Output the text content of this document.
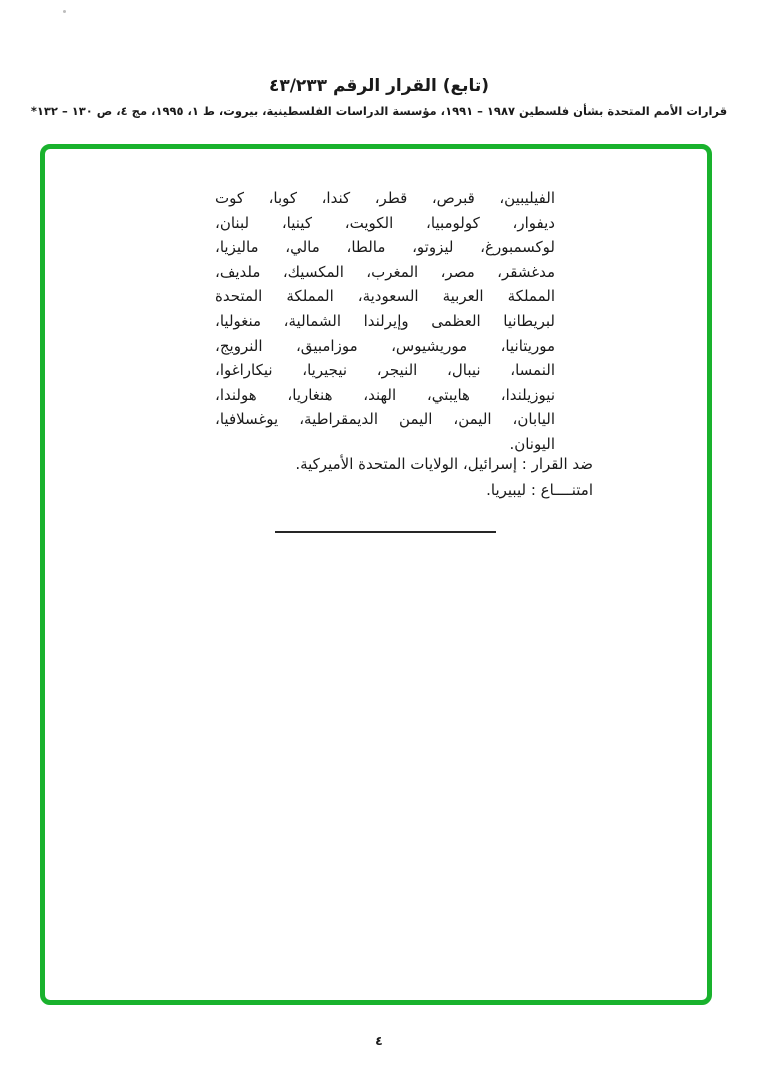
(تابع) القرار الرقم ٤٣/٢٣٣
قرارات الأمم المتحدة بشأن فلسطين ١٩٨٧ – ١٩٩١، مؤسسة الدراسات الفلسطينية، بيروت، ط ١، ١٩٩٥، مج ٤، ص ١٣٠ – ١٣٢*
الفيليبين، قبرص، قطر، كندا، كوبا، كوت
ديفوار، كولومبيا، الكويت، كينيا، لبنان،
لوكسمبورغ، ليزوتو، مالطا، مالي، ماليزيا،
مدغشقر، مصر، المغرب، المكسيك، ملديف،
المملكة العربية السعودية، المملكة المتحدة
لبريطانيا العظمى وإيرلندا الشمالية، منغوليا،
موريتانيا، موريشيوس، موزامبيق، النرويج،
النمسا، نيبال، النيجر، نيجيريا، نيكاراغوا،
نيوزيلندا، هايبتي، الهند، هنغاريا، هولندا،
اليابان، اليمن، اليمن الديمقراطية، يوغسلافيا،
اليونان.
ضد القرار : إسرائيل، الولايات المتحدة الأميركية.
امتنــــاع : ليبيريا.
٤
